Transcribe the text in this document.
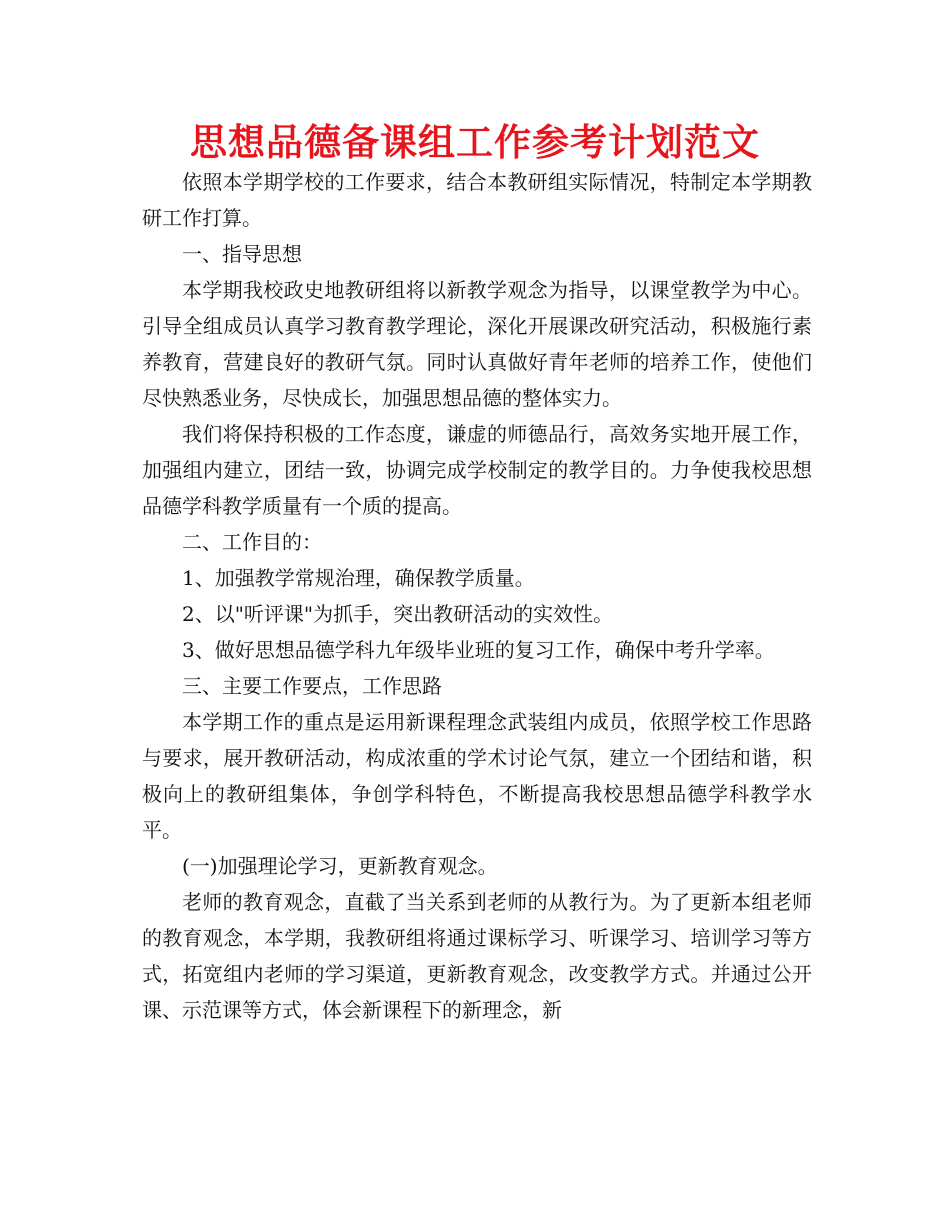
思想品德备课组工作参考计划范文

依照本学期学校的工作要求，结合本教研组实际情况，特制定本学期教研工作打算。

一、指导思想

本学期我校政史地教研组将以新教学观念为指导，以课堂教学为中心。引导全组成员认真学习教育教学理论，深化开展课改研究活动，积极施行素养教育，营建良好的教研气氛。同时认真做好青年老师的培养工作，使他们尽快熟悉业务，尽快成长，加强思想品德的整体实力。

我们将保持积极的工作态度，谦虚的师德品行，高效务实地开展工作，加强组内建立，团结一致，协调完成学校制定的教学目的。力争使我校思想品德学科教学质量有一个质的提高。

二、工作目的：

1、加强教学常规治理，确保教学质量。

2、以"听评课"为抓手，突出教研活动的实效性。

3、做好思想品德学科九年级毕业班的复习工作，确保中考升学率。

三、主要工作要点，工作思路

本学期工作的重点是运用新课程理念武装组内成员，依照学校工作思路与要求，展开教研活动，构成浓重的学术讨论气氛，建立一个团结和谐，积极向上的教研组集体，争创学科特色，不断提高我校思想品德学科教学水平。

(一)加强理论学习，更新教育观念。

老师的教育观念，直截了当关系到老师的从教行为。为了更新本组老师的教育观念，本学期，我教研组将通过课标学习、听课学习、培训学习等方式，拓宽组内老师的学习渠道，更新教育观念，改变教学方式。并通过公开课、示范课等方式，体会新课程下的新理念，新
